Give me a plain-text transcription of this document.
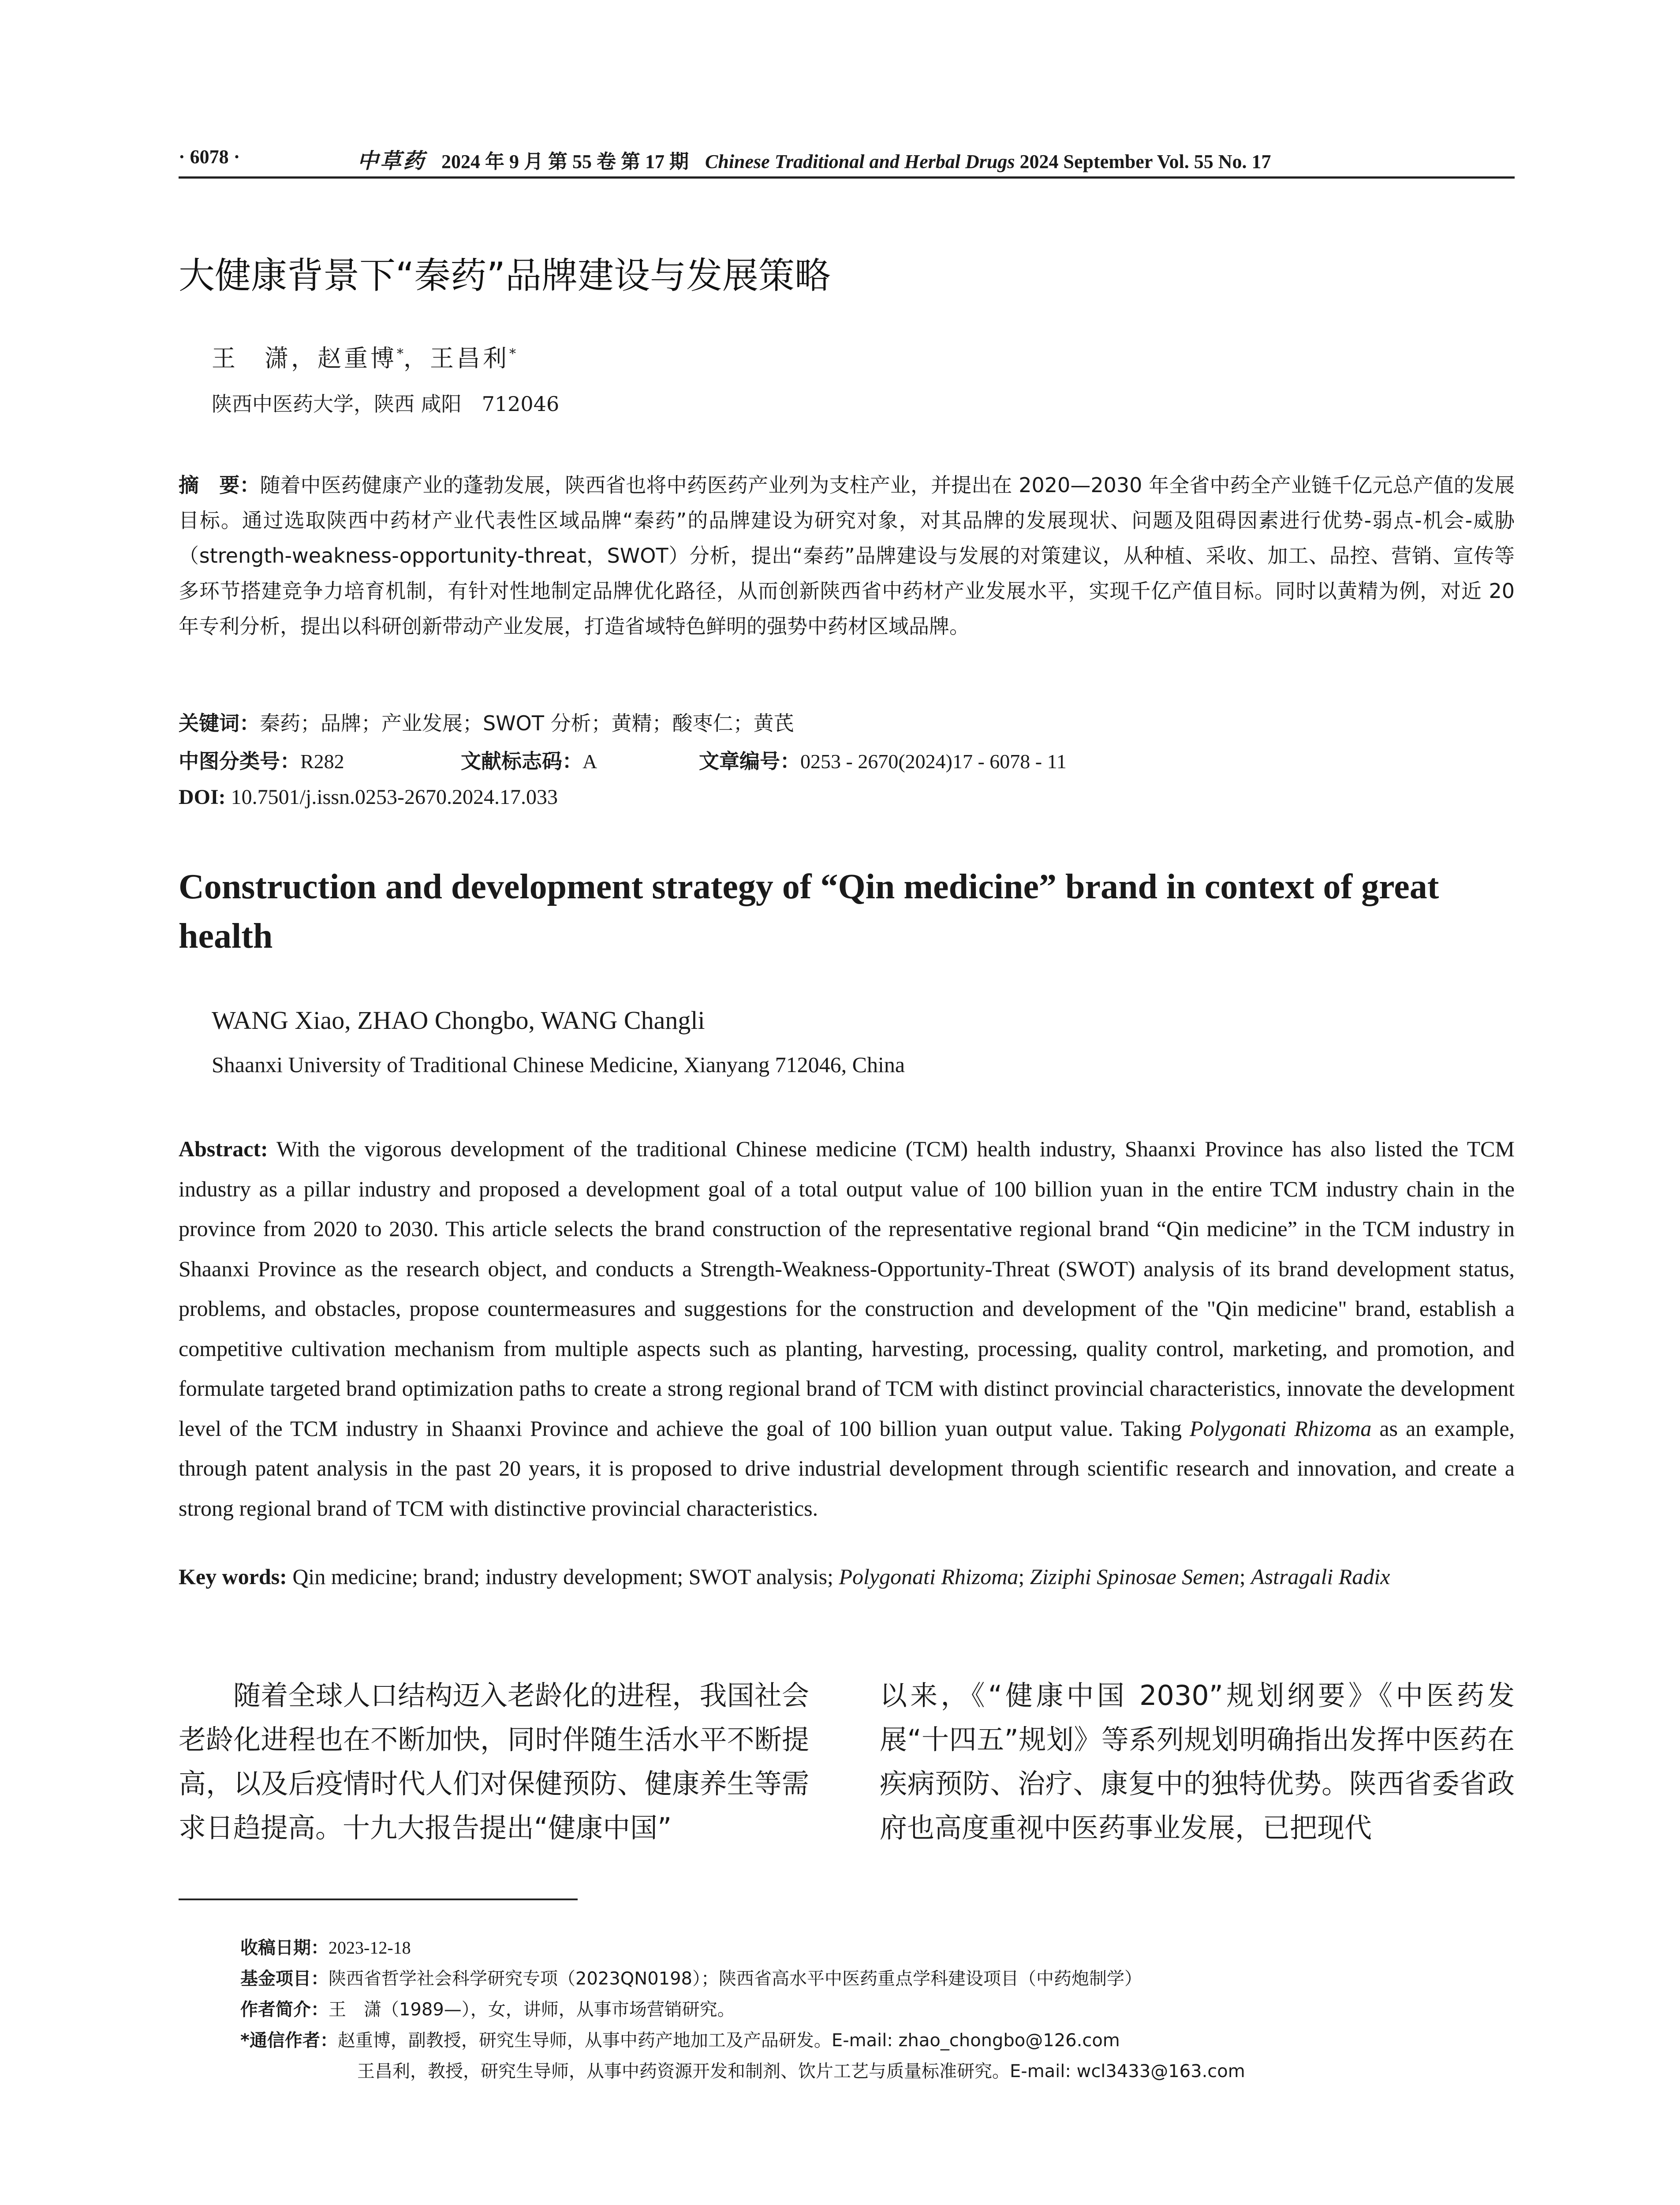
· 6078 ·	中草药 2024 年 9 月 第 55 卷 第 17 期 Chinese Traditional and Herbal Drugs 2024 September Vol. 55 No. 17
大健康背景下“秦药”品牌建设与发展策略
王　潇，赵重博*，王昌利*
陕西中医药大学，陕西 咸阳　712046

摘　要：随着中医药健康产业的蓬勃发展，陕西省也将中药医药产业列为支柱产业，并提出在 2020—2030 年全省中药全产业链千亿元总产值的发展目标。通过选取陕西中药材产业代表性区域品牌“秦药”的品牌建设为研究对象，对其品牌的发展现状、问题及阻碍因素进行优势-弱点-机会-威胁（strength-weakness-opportunity-threat，SWOT）分析，提出“秦药”品牌建设与发展的对策建议，从种植、采收、加工、品控、营销、宣传等多环节搭建竞争力培育机制，有针对性地制定品牌优化路径，从而创新陕西省中药材产业发展水平，实现千亿产值目标。同时以黄精为例，对近 20 年专利分析，提出以科研创新带动产业发展，打造省域特色鲜明的强势中药材区域品牌。

关键词：秦药；品牌；产业发展；SWOT 分析；黄精；酸枣仁；黄芪

中图分类号：R282	文献标志码：A	文章编号：0253 - 2670(2024)17 - 6078 - 11
DOI: 10.7501/j.issn.0253-2670.2024.17.033
Construction and development strategy of “Qin medicine” brand in context of great health
WANG Xiao, ZHAO Chongbo, WANG Changli
Shaanxi University of Traditional Chinese Medicine, Xianyang 712046, China

Abstract: With the vigorous development of the traditional Chinese medicine (TCM) health industry, Shaanxi Province has also listed the TCM industry as a pillar industry and proposed a development goal of a total output value of 100 billion yuan in the entire TCM industry chain in the province from 2020 to 2030. This article selects the brand construction of the representative regional brand “Qin medicine” in the TCM industry in Shaanxi Province as the research object, and conducts a Strength-Weakness-Opportunity-Threat (SWOT) analysis of its brand development status, problems, and obstacles, propose countermeasures and suggestions for the construction and development of the "Qin medicine" brand, establish a competitive cultivation mechanism from multiple aspects such as planting, harvesting, processing, quality control, marketing, and promotion, and formulate targeted brand optimization paths to create a strong regional brand of TCM with distinct provincial characteristics, innovate the development level of the TCM industry in Shaanxi Province and achieve the goal of 100 billion yuan output value. Taking Polygonati Rhizoma as an example, through patent analysis in the past 20 years, it is proposed to drive industrial development through scientific research and innovation, and create a strong regional brand of TCM with distinctive provincial characteristics.

Key words: Qin medicine; brand; industry development; SWOT analysis; Polygonati Rhizoma; Ziziphi Spinosae Semen; Astragali Radix

随着全球人口结构迈入老龄化的进程，我国社会老龄化进程也在不断加快，同时伴随生活水平不断提高，以及后疫情时代人们对保健预防、健康养生等需求日趋提高。十九大报告提出“健康中国”

以来，《“健康中国 2030”规划纲要》《中医药发展“十四五”规划》等系列规划明确指出发挥中医药在疾病预防、治疗、康复中的独特优势。陕西省委省政府也高度重视中医药事业发展，已把现代

收稿日期：2023-12-18
基金项目：陕西省哲学社会科学研究专项（2023QN0198）；陕西省高水平中医药重点学科建设项目（中药炮制学）
作者简介：王　潇（1989—），女，讲师，从事市场营销研究。
*通信作者：赵重博，副教授，研究生导师，从事中药产地加工及产品研发。E-mail: zhao_chongbo@126.com
王昌利，教授，研究生导师，从事中药资源开发和制剂、饮片工艺与质量标准研究。E-mail: wcl3433@163.com
